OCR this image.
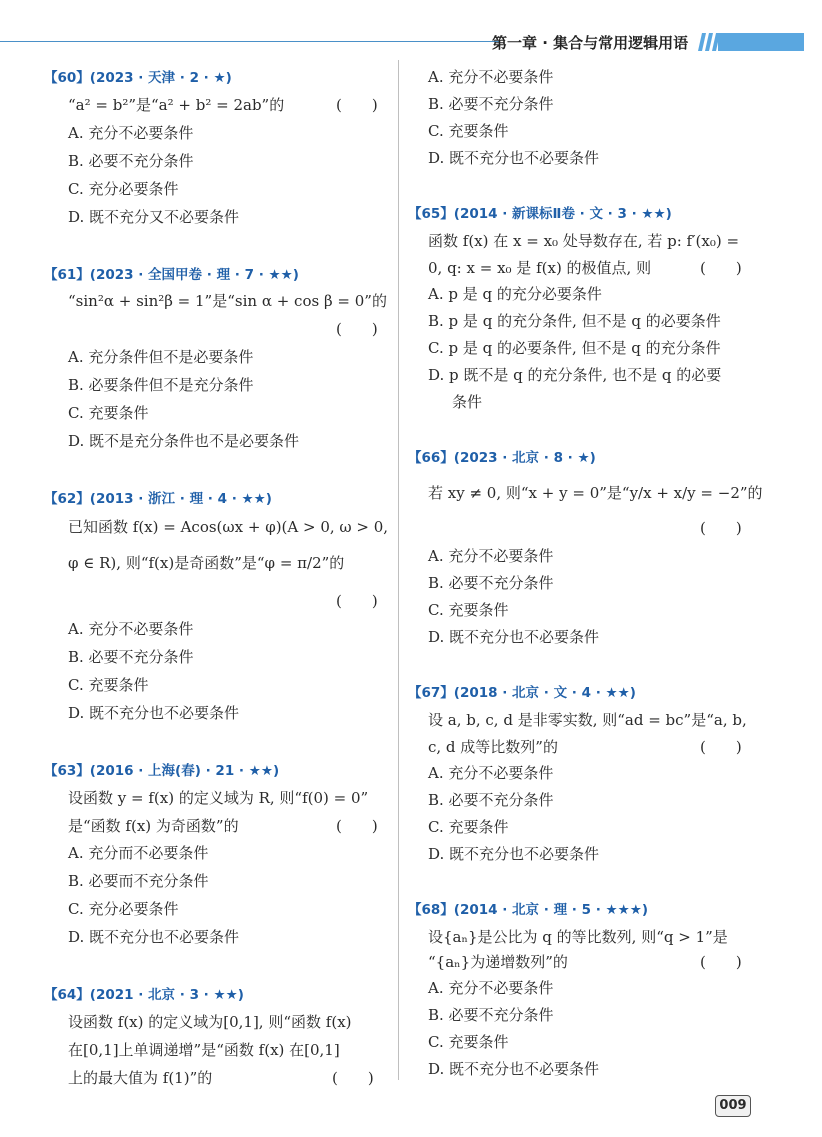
第一章 · 集合与常用逻辑用语
【60】(2023 · 天津 · 2 · ★)
“a² = b²”是“a² + b² = 2ab”的	(　　)
A. 充分不必要条件
B. 必要不充分条件
C. 充分必要条件
D. 既不充分又不必要条件
【61】(2023 · 全国甲卷 · 理 · 7 · ★★)
“sin²α + sin²β = 1”是“sin α + cos β = 0”的
(　　)
A. 充分条件但不是必要条件
B. 必要条件但不是充分条件
C. 充要条件
D. 既不是充分条件也不是必要条件
【62】(2013 · 浙江 · 理 · 4 · ★★)
已知函数 f(x) = Acos(ωx + φ)(A > 0, ω > 0,
φ ∈ R), 则“f(x)是奇函数”是“φ = π/2”的
(　　)
A. 充分不必要条件
B. 必要不充分条件
C. 充要条件
D. 既不充分也不必要条件
【63】(2016 · 上海(春) · 21 · ★★)
设函数 y = f(x) 的定义域为 R, 则“f(0) = 0”
是“函数 f(x) 为奇函数”的	(　　)
A. 充分而不必要条件
B. 必要而不充分条件
C. 充分必要条件
D. 既不充分也不必要条件
【64】(2021 · 北京 · 3 · ★★)
设函数 f(x) 的定义域为[0,1], 则“函数 f(x)
在[0,1]上单调递增”是“函数 f(x) 在[0,1]
上的最大值为 f(1)”的	(　　)
A. 充分不必要条件
B. 必要不充分条件
C. 充要条件
D. 既不充分也不必要条件
【65】(2014 · 新课标Ⅱ卷 · 文 · 3 · ★★)
函数 f(x) 在 x = x₀ 处导数存在, 若 p: f′(x₀) =
0, q: x = x₀ 是 f(x) 的极值点, 则	(　　)
A. p 是 q 的充分必要条件
B. p 是 q 的充分条件, 但不是 q 的必要条件
C. p 是 q 的必要条件, 但不是 q 的充分条件
D. p 既不是 q 的充分条件, 也不是 q 的必要
条件
【66】(2023 · 北京 · 8 · ★)
若 xy ≠ 0, 则“x + y = 0”是“y/x + x/y = −2”的
(　　)
A. 充分不必要条件
B. 必要不充分条件
C. 充要条件
D. 既不充分也不必要条件
【67】(2018 · 北京 · 文 · 4 · ★★)
设 a, b, c, d 是非零实数, 则“ad = bc”是“a, b,
c, d 成等比数列”的	(　　)
A. 充分不必要条件
B. 必要不充分条件
C. 充要条件
D. 既不充分也不必要条件
【68】(2014 · 北京 · 理 · 5 · ★★★)
设{aₙ}是公比为 q 的等比数列, 则“q > 1”是
“{aₙ}为递增数列”的	(　　)
A. 充分不必要条件
B. 必要不充分条件
C. 充要条件
D. 既不充分也不必要条件
009
